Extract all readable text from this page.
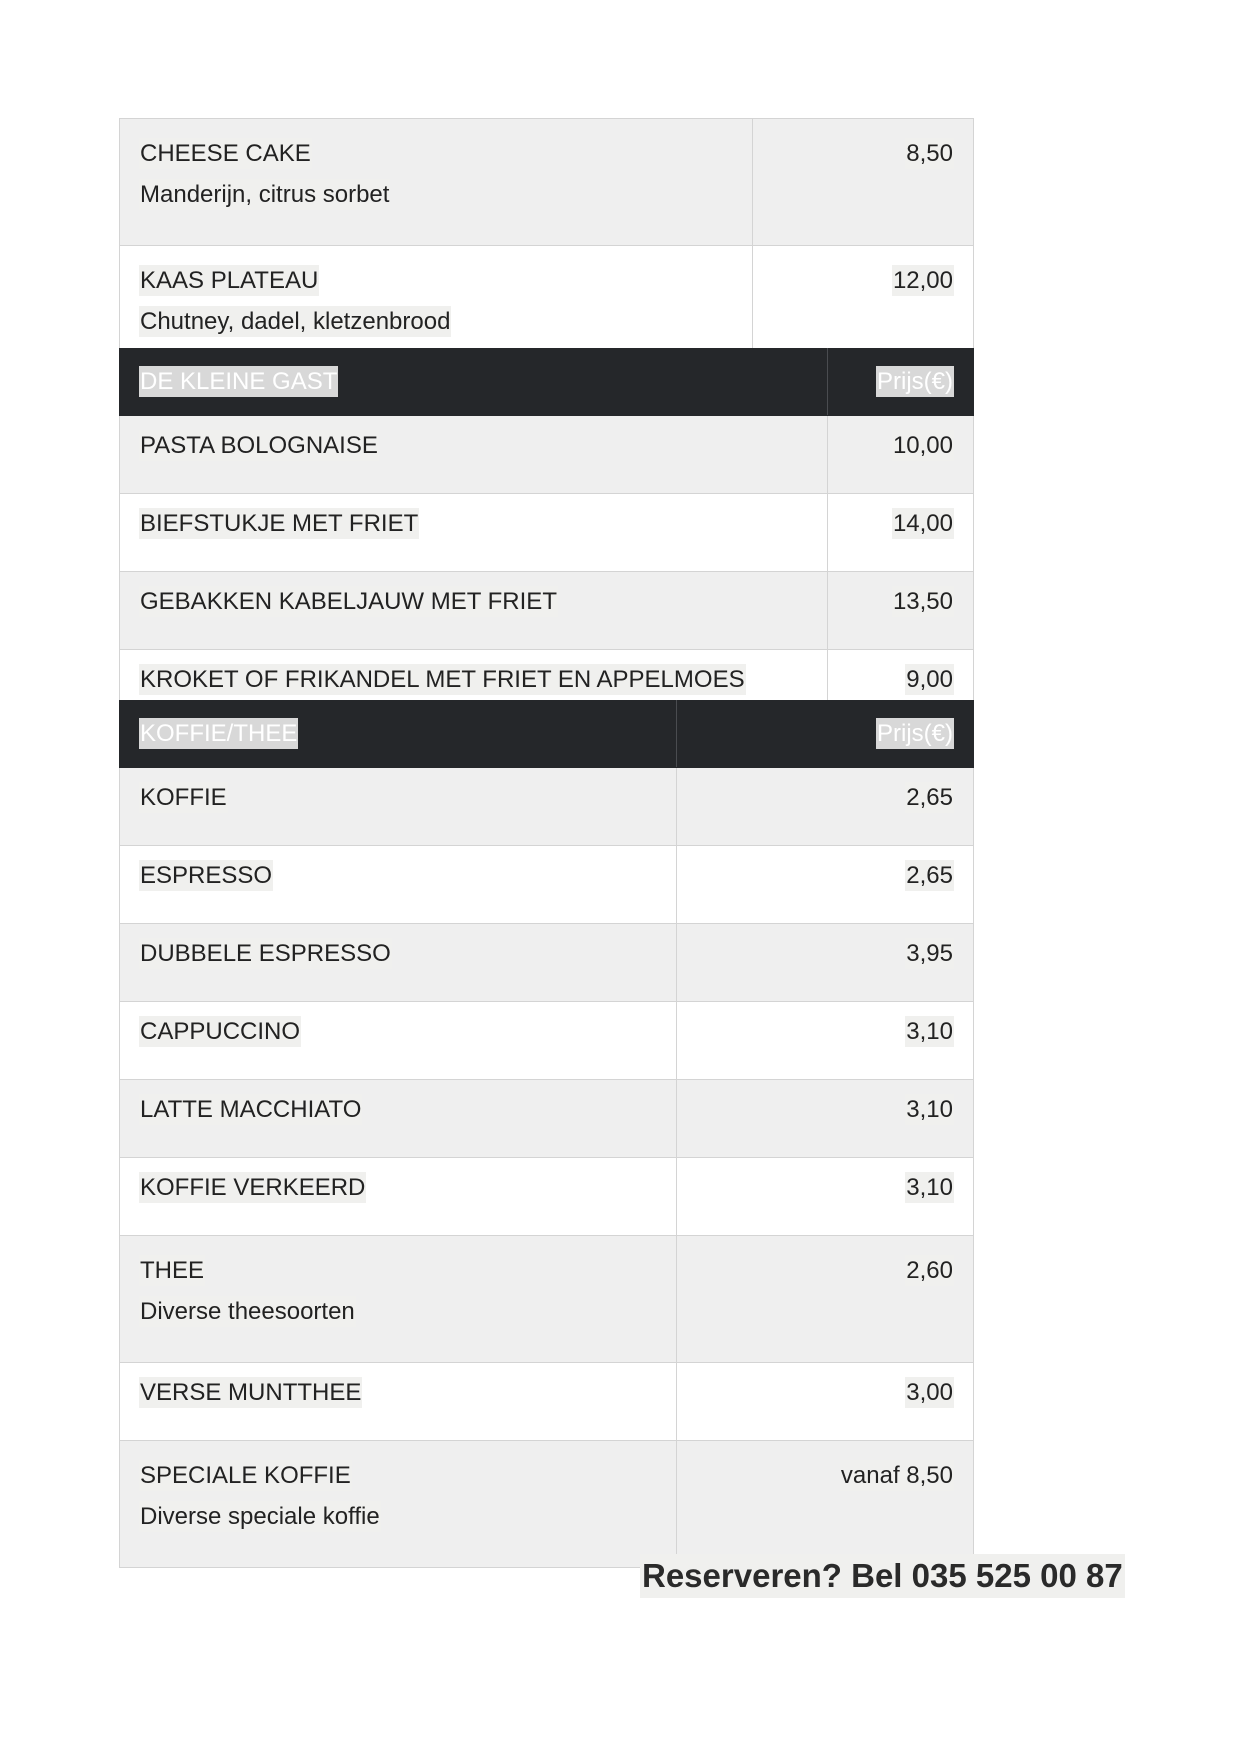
CHEESE CAKE
Manderijn, citrus sorbet	8,50
KAAS PLATEAU
Chutney, dadel, kletzenbrood	12,00
DE KLEINE GAST	Prijs(€)
PASTA BOLOGNAISE	10,00
BIEFSTUKJE MET FRIET	14,00
GEBAKKEN KABELJAUW MET FRIET	13,50
KROKET OF FRIKANDEL MET FRIET EN APPELMOES	9,00
KOFFIE/THEE	Prijs(€)
KOFFIE	2,65
ESPRESSO	2,65
DUBBELE ESPRESSO	3,95
CAPPUCCINO	3,10
LATTE MACCHIATO	3,10
KOFFIE VERKEERD	3,10
THEE
Diverse theesoorten	2,60
VERSE MUNTTHEE	3,00
SPECIALE KOFFIE
Diverse speciale koffie	vanaf 8,50
Reserveren? Bel 035 525 00 87
